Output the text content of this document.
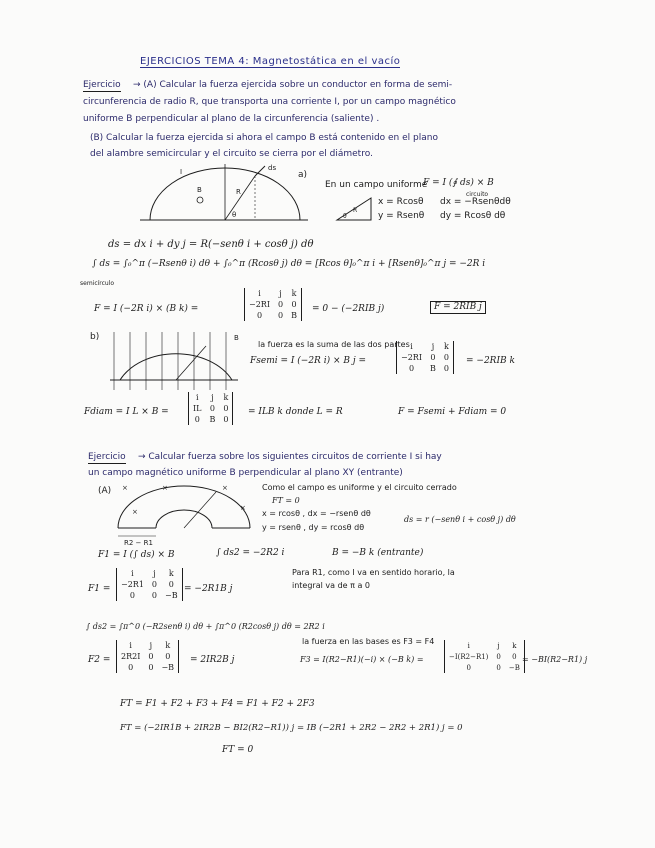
EJERCICIOS TEMA 4: Magnetostática en el vacío
Ejercicio → (A) Calcular la fuerza ejercida sobre un conductor en forma de semi-
circunferencia de radio R, que transporta una corriente I, por un campo magnético
uniforme B perpendicular al plano de la circunferencia (saliente) .
(B) Calcular la fuerza ejercida si ahora el campo B está contenido en el plano
del alambre semicircular y el circuito se cierra por el diámetro.
B
ds
R
θ
I	a)
En un campo uniforme
F = I (∮ ds) × B
circuito
R
θ
x = Rcosθ dx = −Rsenθdθ
y = Rsenθ dy = Rcosθ dθ
ds = dx i + dy j = R(−senθ i + cosθ j) dθ
∫ ds = ∫₀^π (−Rsenθ i) dθ + ∫₀^π (Rcosθ j) dθ = [Rcos θ]₀^π i + [Rsenθ]₀^π j = −2R i
semicírculo
F = I (−2R i) × (B k) =
i	j	k
−2RI	0	0
0	0	B
= 0 − (−2RIB j)	F = 2RIB j
B
b)
la fuerza es la suma de las dos partes
Fsemi = I (−2R i) × B j =
i	j	k
−2RI	0	0
0	B	0
= −2RIB k
Fdiam = I L × B =
i	j	k
IL	0	0
0	B	0
= ILB k donde L = R	F = Fsemi + Fdiam = 0
Ejercicio → Calcular fuerza sobre los siguientes circuitos de corriente I si hay
un campo magnético uniforme B perpendicular al plano XY (entrante)
(A) ×	×	×
×
×
R2 − R1
Como el campo es uniforme y el circuito cerrado
FT = 0
x = rcosθ , dx = −rsenθ dθ
y = rsenθ , dy = rcosθ dθ
ds = r (−senθ i + cosθ j) dθ
F1 = I (∫ ds) × B	∫ ds2 = −2R2 i	B = −B k (entrante)
Para R1, como I va en sentido horario, la
integral va de π a 0
F1 =
i	j	k
−2R1	0	0
0	0	−B
= −2R1B j
∫ ds2 = ∫π^0 (−R2senθ i) dθ + ∫π^0 (R2cosθ j) dθ = 2R2 i
la fuerza en las bases es F3 = F4
F2 =
i	j	k
2R2I	0	0
0	0	−B
= 2IR2B j	F3 = I(R2−R1)(−i) × (−B k) =
i	j	k
−I(R2−R1)	0	0
0	0	−B
= −BI(R2−R1) j
FT = F1 + F2 + F3 + F4 = F1 + F2 + 2F3
FT = (−2IR1B + 2IR2B − BI2(R2−R1)) j = IB (−2R1 + 2R2 − 2R2 + 2R1) j = 0
FT = 0
